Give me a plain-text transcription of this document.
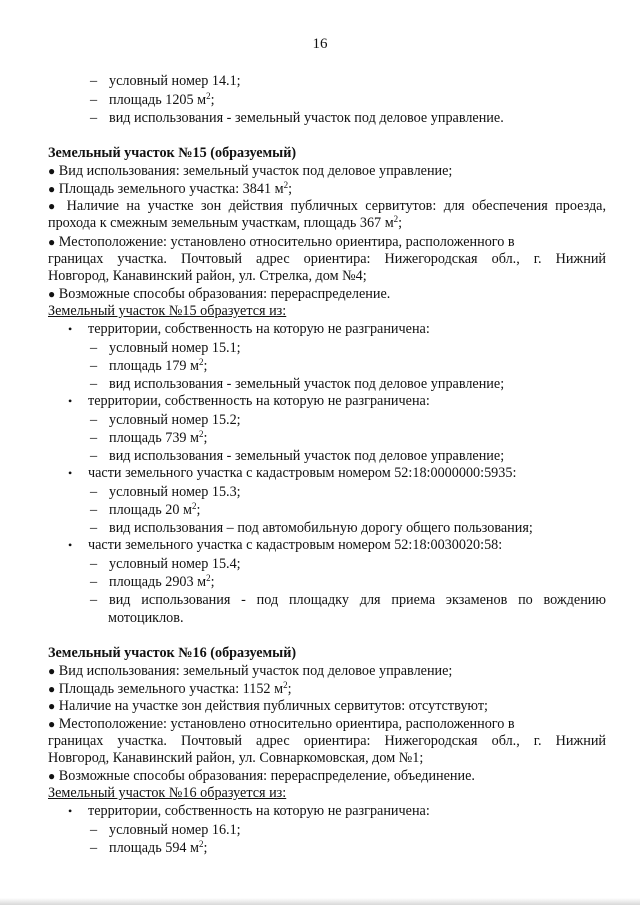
16
– условный номер 14.1;
– площадь 1205 $м^2$;
– вид использования - земельный участок под деловое управление.
Земельный участок №15 (образуемый)
● Вид использования: земельный участок под деловое управление;
● Площадь земельного участка: 3841 $м^2$;
● Наличие на участке зон действия публичных сервитутов: для обеспечения проезда,
прохода к смежным земельным участкам, площадь 367 $м^2$;
● Местоположение: установлено относительно ориентира, расположенного в
границах участка. Почтовый адрес ориентира: Нижегородская обл., г. Нижний
Новгород, Канавинский район, ул. Стрелка, дом №4;
● Возможные способы образования: перераспределение.
Земельный участок №15 образуется из:
• территории, собственность на которую не разграничена:
– условный номер 15.1;
– площадь 179 $м^2$;
– вид использования - земельный участок под деловое управление;
• территории, собственность на которую не разграничена:
– условный номер 15.2;
– площадь 739 $м^2$;
– вид использования - земельный участок под деловое управление;
• части земельного участка с кадастровым номером 52:18:0000000:5935:
– условный номер 15.3;
– площадь 20 $м^2$;
– вид использования – под автомобильную дорогу общего пользования;
• части земельного участка с кадастровым номером 52:18:0030020:58:
– условный номер 15.4;
– площадь 2903 $м^2$;
– вид использования - под площадку для приема экзаменов по вождению
мотоциклов.
Земельный участок №16 (образуемый)
● Вид использования: земельный участок под деловое управление;
● Площадь земельного участка: 1152 $м^2$;
● Наличие на участке зон действия публичных сервитутов: отсутствуют;
● Местоположение: установлено относительно ориентира, расположенного в
границах участка. Почтовый адрес ориентира: Нижегородская обл., г. Нижний
Новгород, Канавинский район, ул. Совнаркомовская, дом №1;
● Возможные способы образования: перераспределение, объединение.
Земельный участок №16 образуется из:
• территории, собственность на которую не разграничена:
– условный номер 16.1;
– площадь 594 $м^2$;
